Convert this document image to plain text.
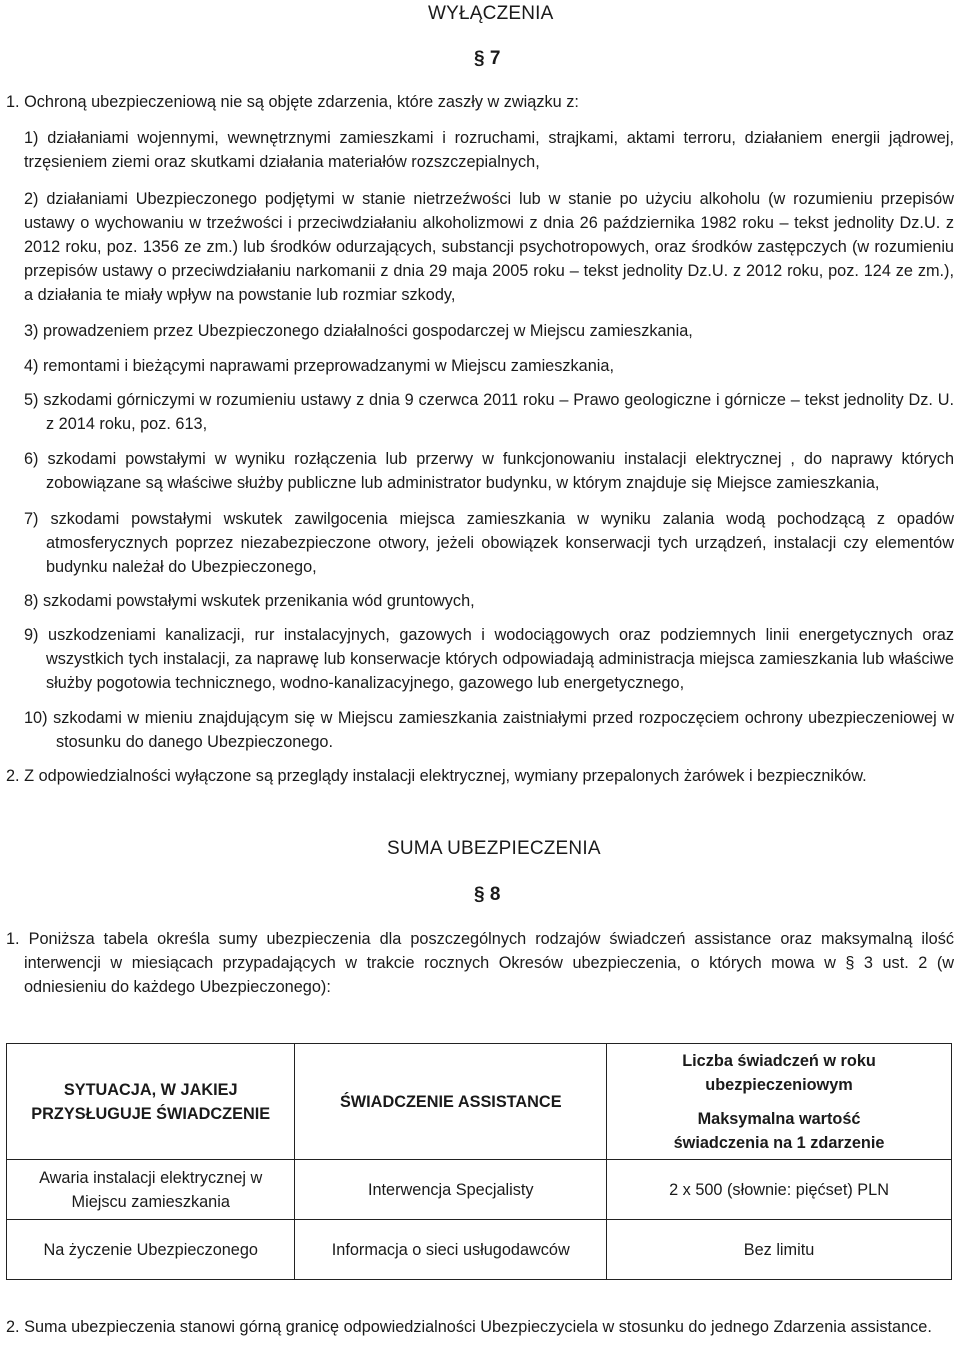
WYŁĄCZENIA
§ 7
1. Ochroną ubezpieczeniową nie są objęte zdarzenia, które zaszły w związku z:
1) działaniami wojennymi, wewnętrznymi zamieszkami i rozruchami, strajkami, aktami terroru, działaniem energii jądrowej, trzęsieniem ziemi oraz skutkami działania materiałów rozszczepialnych,
2) działaniami Ubezpieczonego podjętymi w stanie nietrzeźwości lub w stanie po użyciu alkoholu (w rozumieniu przepisów ustawy o wychowaniu w trzeźwości i przeciwdziałaniu alkoholizmowi z dnia 26 października 1982 roku – tekst jednolity Dz.U. z 2012 roku, poz. 1356 ze zm.) lub środków odurzających, substancji psychotropowych, oraz środków zastępczych (w rozumieniu przepisów ustawy o przeciwdziałaniu narkomanii z dnia 29 maja 2005 roku – tekst jednolity Dz.U. z 2012 roku, poz. 124 ze zm.), a działania te miały wpływ na powstanie lub rozmiar szkody,
3) prowadzeniem przez Ubezpieczonego działalności gospodarczej w Miejscu zamieszkania,
4) remontami i bieżącymi naprawami przeprowadzanymi w Miejscu zamieszkania,
5) szkodami górniczymi w rozumieniu ustawy z dnia 9 czerwca 2011 roku – Prawo geologiczne i górnicze – tekst jednolity Dz. U. z 2014 roku, poz. 613,
6) szkodami powstałymi w wyniku rozłączenia lub przerwy w funkcjonowaniu instalacji elektrycznej , do naprawy których zobowiązane są właściwe służby publiczne lub administrator budynku, w którym znajduje się Miejsce zamieszkania,
7) szkodami powstałymi wskutek zawilgocenia miejsca zamieszkania w wyniku zalania wodą pochodzącą z opadów atmosferycznych poprzez niezabezpieczone otwory, jeżeli obowiązek konserwacji tych urządzeń, instalacji czy elementów budynku należał do Ubezpieczonego,
8) szkodami powstałymi wskutek przenikania wód gruntowych,
9) uszkodzeniami kanalizacji, rur instalacyjnych, gazowych i wodociągowych oraz podziemnych linii energetycznych oraz wszystkich tych instalacji, za naprawę lub konserwacje których odpowiadają administracja miejsca zamieszkania lub właściwe służby pogotowia technicznego, wodno-kanalizacyjnego, gazowego lub energetycznego,
10) szkodami w mieniu znajdującym się w Miejscu zamieszkania zaistniałymi przed rozpoczęciem ochrony ubezpieczeniowej w stosunku do danego Ubezpieczonego.
2. Z odpowiedzialności wyłączone są przeglądy instalacji elektrycznej, wymiany przepalonych żarówek i bezpieczników.
SUMA UBEZPIECZENIA
§ 8
1. Poniższa tabela określa sumy ubezpieczenia dla poszczególnych rodzajów świadczeń assistance oraz maksymalną ilość interwencji w miesiącach przypadających w trakcie rocznych Okresów ubezpieczenia, o których mowa w § 3 ust. 2 (w odniesieniu do każdego Ubezpieczonego):
SYTUACJA, W JAKIEJ PRZYSŁUGUJE ŚWIADCZENIE	ŚWIADCZENIE ASSISTANCE	Liczba świadczeń w roku ubezpieczeniowym
Maksymalna wartość świadczenia na 1 zdarzenie

Awaria instalacji elektrycznej w Miejscu zamieszkania	Interwencja Specjalisty	2 x 500 (słownie: pięćset) PLN
Na życzenie Ubezpieczonego	Informacja o sieci usługodawców	Bez limitu
2. Suma ubezpieczenia stanowi górną granicę odpowiedzialności Ubezpieczyciela w stosunku do jednego Zdarzenia assistance.
